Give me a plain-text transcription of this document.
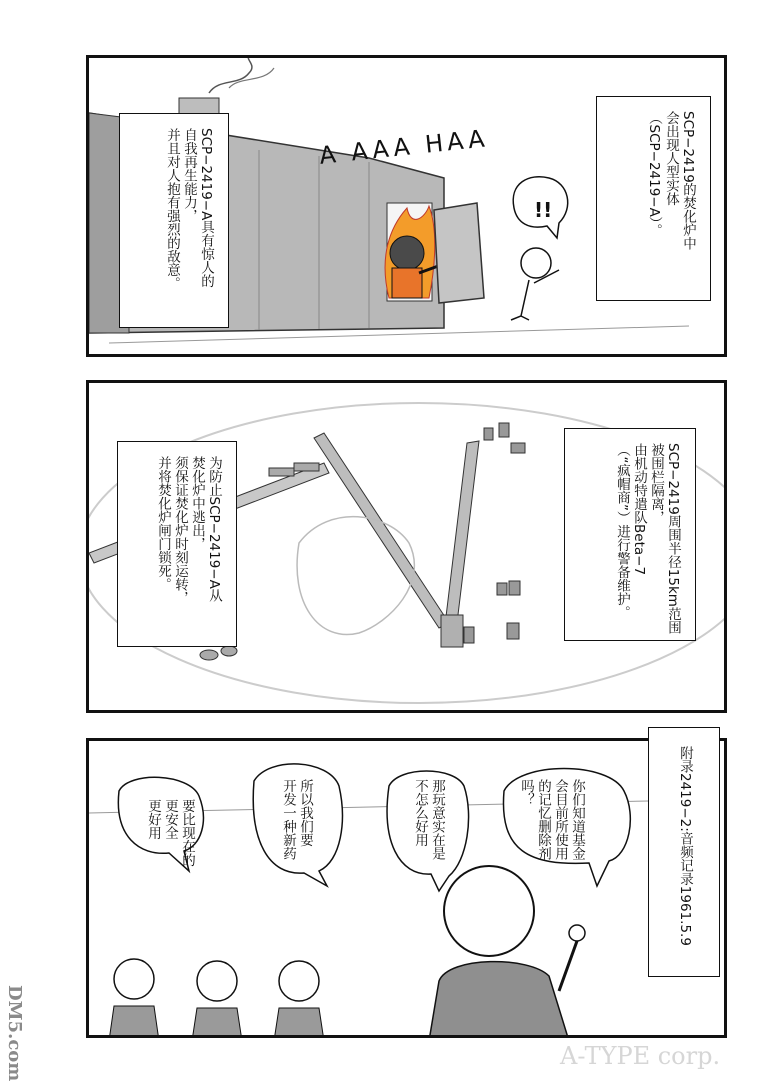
A AAA HAA
!!	SCP−2419的焚化炉中
会出现人型实体
（SCP−2419−A）。
SCP−2419−A具有惊人的
自我再生能力，
并且对人抱有强烈的敌意。
SCP−2419周围半径15km范围
被围栏隔离，
由机动特遣队Beta−7
（“疯帽商”）进行警备维护。
为防止SCP−2419−A从
焚化炉中逃出，
须保证焚化炉时刻运转，
并将焚化炉闸门锁死。
你们知道基金
会目前所使用
的记忆删除剂
吗？
那玩意实在是
不怎么好用
所以我们要
开发一种新药
要比现在的
更安全
更好用	附录2419−2:音频记录1961.5.9
DM5.com	A-TYPE corp.
